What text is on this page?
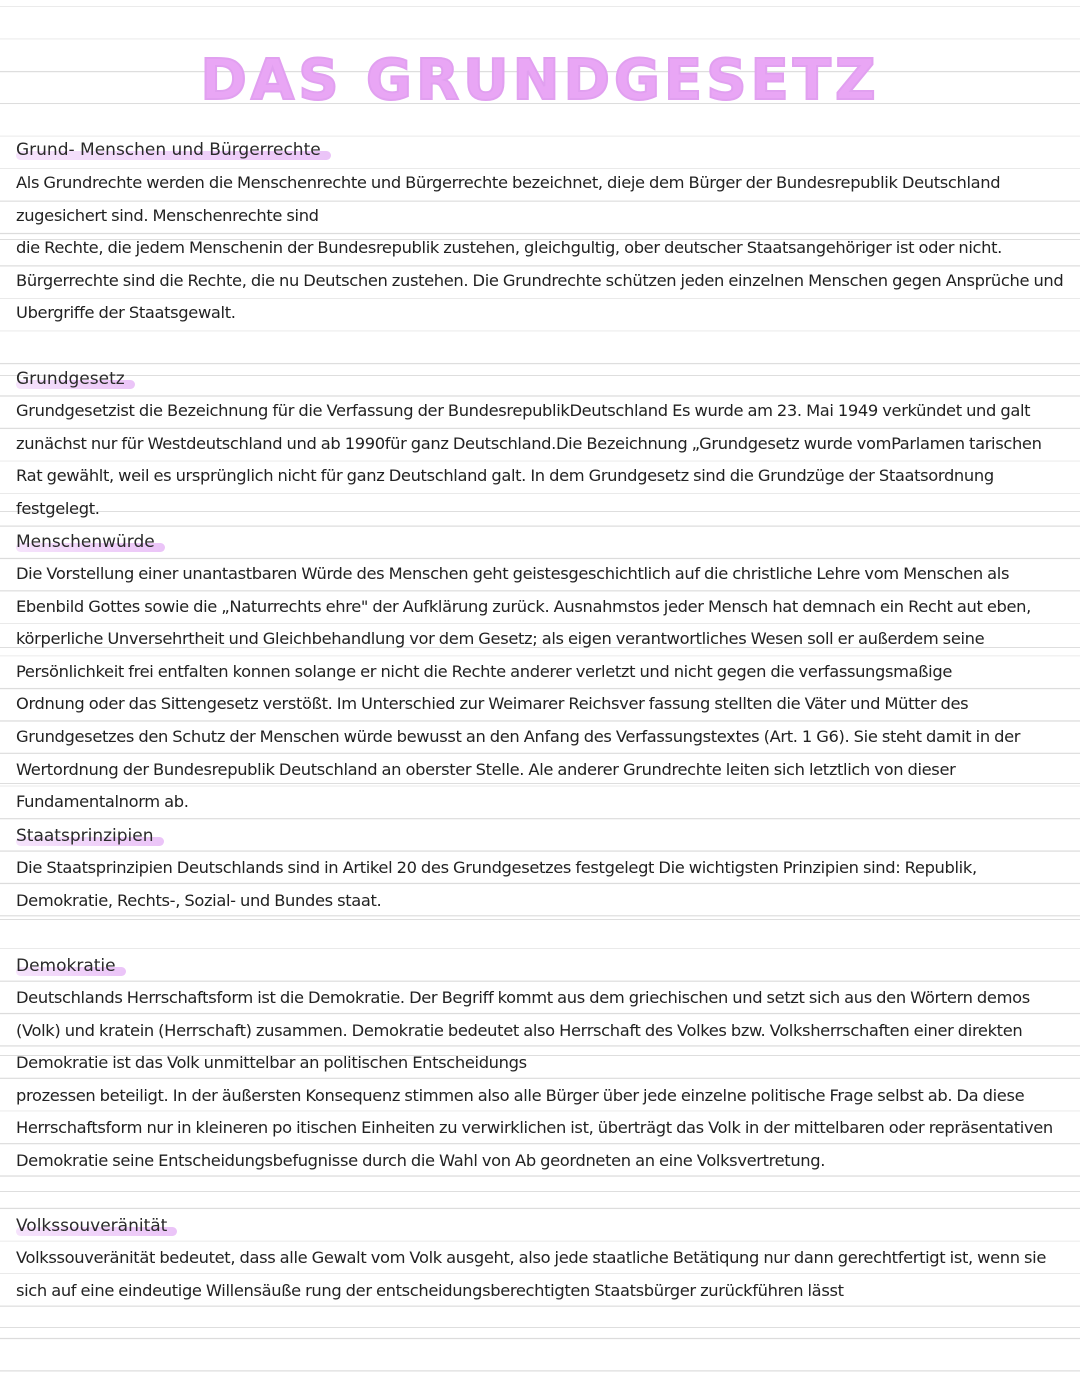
DAS GRUNDGESETZ
Grund- Menschen und Bürgerrechte

Als Grundrechte werden die Menschenrechte und Bürgerrechte bezeichnet, dieje dem Bürger der Bundesrepublik Deutschland zugesichert sind. Menschenrechte sind

die Rechte, die jedem Menschenin der Bundesrepublik zustehen, gleichgultig, ober deutscher Staatsangehöriger ist oder nicht. Bürgerrechte sind die Rechte, die nu Deutschen zustehen. Die Grundrechte schützen jeden einzelnen Menschen gegen Ansprüche und Ubergriffe der Staatsgewalt.

Grundgesetz

Grundgesetzist die Bezeichnung für die Verfassung der BundesrepublikDeutschland Es wurde am 23. Mai 1949 verkündet und galt zunächst nur für Westdeutschland und ab 1990für ganz Deutschland.Die Bezeichnung „Grundgesetz wurde vomParlamen tarischen Rat gewählt, weil es ursprünglich nicht für ganz Deutschland galt. In dem Grundgesetz sind die Grundzüge der Staatsordnung festgelegt.

Menschenwürde

Die Vorstellung einer unantastbaren Würde des Menschen geht geistesgeschichtlich auf die christliche Lehre vom Menschen als Ebenbild Gottes sowie die „Naturrechts ehre" der Aufklärung zurück. Ausnahmstos jeder Mensch hat demnach ein Recht aut eben, körperliche Unversehrtheit und Gleichbehandlung vor dem Gesetz; als eigen verantwortliches Wesen soll er außerdem seine Persönlichkeit frei entfalten konnen solange er nicht die Rechte anderer verletzt und nicht gegen die verfassungsmaßige

Ordnung oder das Sittengesetz verstößt. Im Unterschied zur Weimarer Reichsver fassung stellten die Väter und Mütter des Grundgesetzes den Schutz der Menschen würde bewusst an den Anfang des Verfassungstextes (Art. 1 G6). Sie steht damit in der Wertordnung der Bundesrepublik Deutschland an oberster Stelle. Ale anderer Grundrechte leiten sich letztlich von dieser Fundamentalnorm ab.

Staatsprinzipien

Die Staatsprinzipien Deutschlands sind in Artikel 20 des Grundgesetzes festgelegt Die wichtigsten Prinzipien sind: Republik, Demokratie, Rechts-, Sozial- und Bundes staat.

Demokratie

Deutschlands Herrschaftsform ist die Demokratie. Der Begriff kommt aus dem griechischen und setzt sich aus den Wörtern demos (Volk) und kratein (Herrschaft) zusammen. Demokratie bedeutet also Herrschaft des Volkes bzw. Volksherrschaften einer direkten Demokratie ist das Volk unmittelbar an politischen Entscheidungs

prozessen beteiligt. In der äußersten Konsequenz stimmen also alle Bürger über jede einzelne politische Frage selbst ab. Da diese Herrschaftsform nur in kleineren po itischen Einheiten zu verwirklichen ist, überträgt das Volk in der mittelbaren oder repräsentativen Demokratie seine Entscheidungsbefugnisse durch die Wahl von Ab geordneten an eine Volksvertretung.

Volkssouveränität

Volkssouveränität bedeutet, dass alle Gewalt vom Volk ausgeht, also jede staatliche Betätiqung nur dann gerechtfertigt ist, wenn sie sich auf eine eindeutige Willensäuße rung der entscheidungsberechtigten Staatsbürger zurückführen lässt
